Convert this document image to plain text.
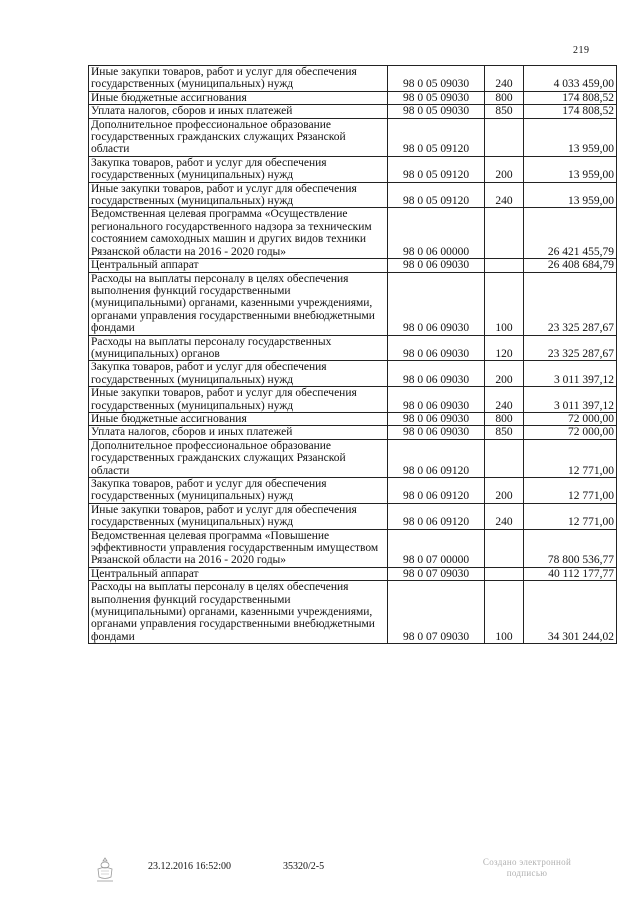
219
Иные закупки товаров, работ и услуг для обеспечения государственных (муниципальных) нужд	98 0 05 09030	240	4 033 459,00
Иные бюджетные ассигнования	98 0 05 09030	800	174 808,52
Уплата налогов, сборов и иных платежей	98 0 05 09030	850	174 808,52
Дополнительное профессиональное образование государственных гражданских служащих Рязанской области	98 0 05 09120		13 959,00
Закупка товаров, работ и услуг для обеспечения государственных (муниципальных) нужд	98 0 05 09120	200	13 959,00
Иные закупки товаров, работ и услуг для обеспечения государственных (муниципальных) нужд	98 0 05 09120	240	13 959,00
Ведомственная целевая программа «Осуществление регионального государственного надзора за техническим состоянием самоходных машин и других видов техники Рязанской области на 2016 - 2020 годы»	98 0 06 00000		26 421 455,79
Центральный аппарат	98 0 06 09030		26 408 684,79
Расходы на выплаты персоналу в целях обеспечения выполнения функций государственными (муниципальными) органами, казенными учреждениями, органами управления государственными внебюджетными фондами	98 0 06 09030	100	23 325 287,67
Расходы на выплаты персоналу государственных (муниципальных) органов	98 0 06 09030	120	23 325 287,67
Закупка товаров, работ и услуг для обеспечения государственных (муниципальных) нужд	98 0 06 09030	200	3 011 397,12
Иные закупки товаров, работ и услуг для обеспечения государственных (муниципальных) нужд	98 0 06 09030	240	3 011 397,12
Иные бюджетные ассигнования	98 0 06 09030	800	72 000,00
Уплата налогов, сборов и иных платежей	98 0 06 09030	850	72 000,00
Дополнительное профессиональное образование государственных гражданских служащих Рязанской области	98 0 06 09120		12 771,00
Закупка товаров, работ и услуг для обеспечения государственных (муниципальных) нужд	98 0 06 09120	200	12 771,00
Иные закупки товаров, работ и услуг для обеспечения государственных (муниципальных) нужд	98 0 06 09120	240	12 771,00
Ведомственная целевая программа «Повышение эффективности управления государственным имуществом Рязанской области на 2016 - 2020 годы»	98 0 07 00000		78 800 536,77
Центральный аппарат	98 0 07 09030		40 112 177,77
Расходы на выплаты персоналу в целях обеспечения выполнения функций государственными (муниципальными) органами, казенными учреждениями, органами управления государственными внебюджетными фондами	98 0 07 09030	100	34 301 244,02
23.12.2016 16:52:00	35320/2-5	Создано электронной
подписью
